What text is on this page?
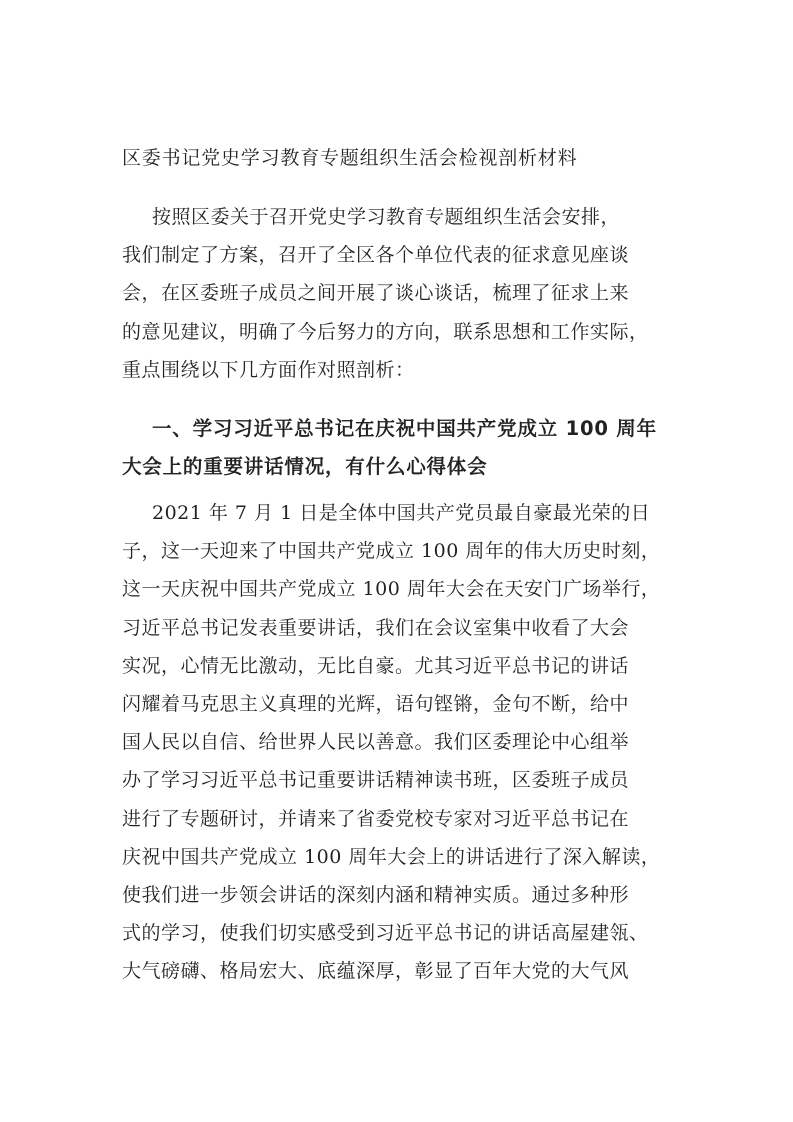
区委书记党史学习教育专题组织生活会检视剖析材料
按照区委关于召开党史学习教育专题组织生活会安排，
我们制定了方案，召开了全区各个单位代表的征求意见座谈
会，在区委班子成员之间开展了谈心谈话，梳理了征求上来
的意见建议，明确了今后努力的方向，联系思想和工作实际，
重点围绕以下几方面作对照剖析：
一、学习习近平总书记在庆祝中国共产党成立 100 周年
大会上的重要讲话情况，有什么心得体会
2021 年 7 月 1 日是全体中国共产党员最自豪最光荣的日
子，这一天迎来了中国共产党成立 100 周年的伟大历史时刻，
这一天庆祝中国共产党成立 100 周年大会在天安门广场举行，
习近平总书记发表重要讲话，我们在会议室集中收看了大会
实况，心情无比激动，无比自豪。尤其习近平总书记的讲话
闪耀着马克思主义真理的光辉，语句铿锵，金句不断，给中
国人民以自信、给世界人民以善意。我们区委理论中心组举
办了学习习近平总书记重要讲话精神读书班，区委班子成员
进行了专题研讨，并请来了省委党校专家对习近平总书记在
庆祝中国共产党成立 100 周年大会上的讲话进行了深入解读，
使我们进一步领会讲话的深刻内涵和精神实质。通过多种形
式的学习，使我们切实感受到习近平总书记的讲话高屋建瓴、
大气磅礴、格局宏大、底蕴深厚，彰显了百年大党的大气风
